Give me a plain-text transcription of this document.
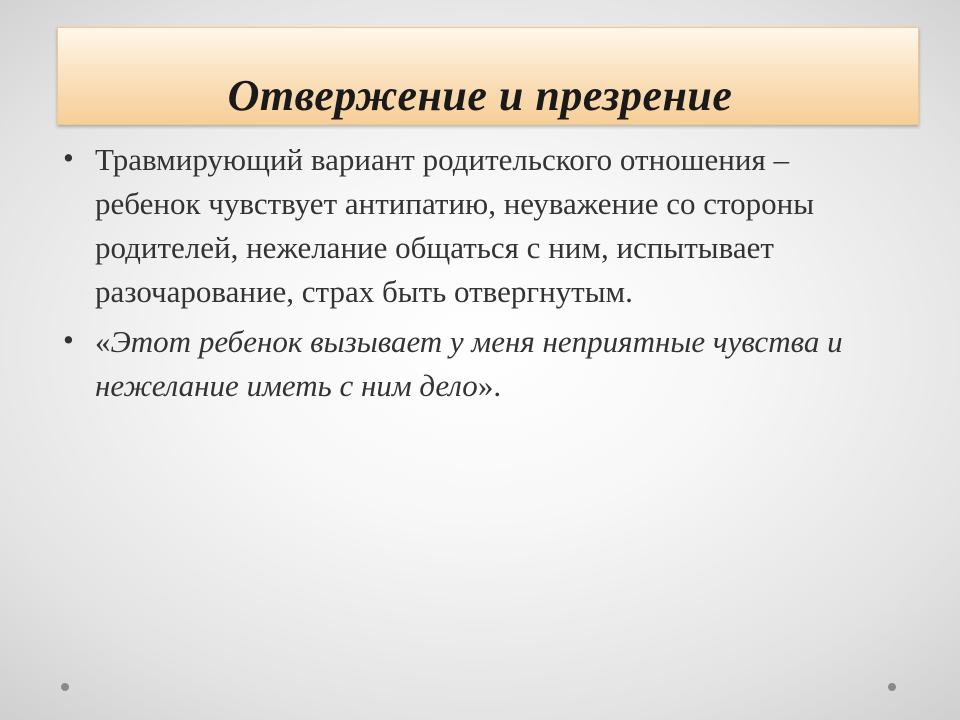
Отвержение и презрение
• Травмирующий вариант родительского отношения – ребенок чувствует антипатию, неуважение со стороны родителей, нежелание общаться с ним, испытывает разочарование, страх быть отвергнутым.
• «Этот ребенок вызывает у меня неприятные чувства и нежелание иметь с ним дело».
